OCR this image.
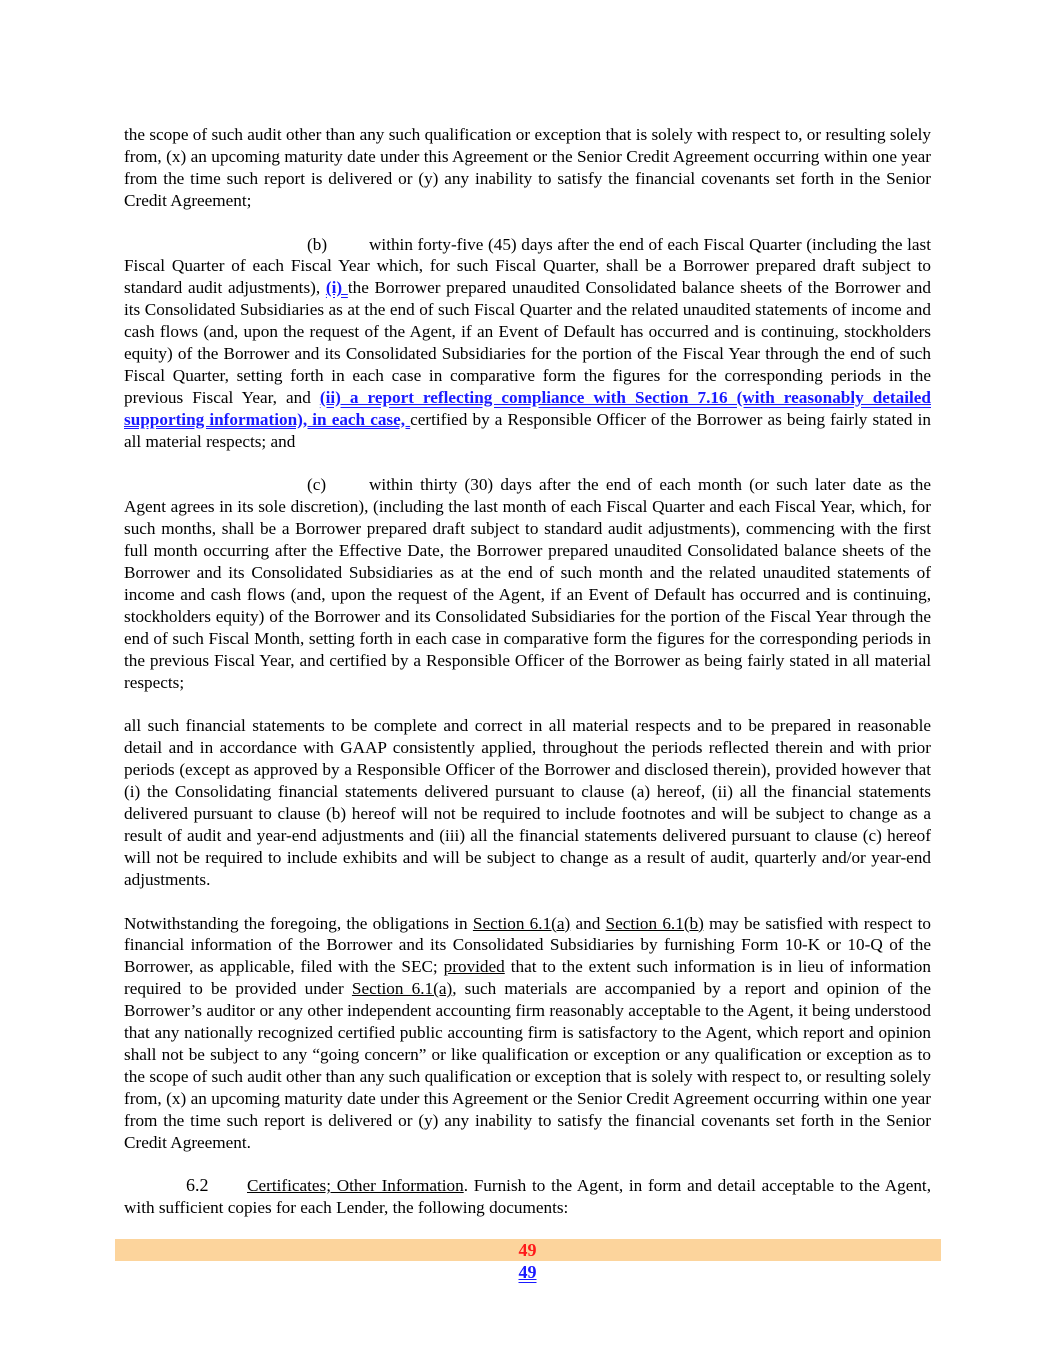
the scope of such audit other than any such qualification or exception that is solely with respect to, or resulting solely from, (x) an upcoming maturity date under this Agreement or the Senior Credit Agreement occurring within one year from the time such report is delivered or (y) any inability to satisfy the financial covenants set forth in the Senior Credit Agreement;

(b) within forty-five (45) days after the end of each Fiscal Quarter (including the last Fiscal Quarter of each Fiscal Year which, for such Fiscal Quarter, shall be a Borrower prepared draft subject to standard audit adjustments), (i) the Borrower prepared unaudited Consolidated balance sheets of the Borrower and its Consolidated Subsidiaries as at the end of such Fiscal Quarter and the related unaudited statements of income and cash flows (and, upon the request of the Agent, if an Event of Default has occurred and is continuing, stockholders equity) of the Borrower and its Consolidated Subsidiaries for the portion of the Fiscal Year through the end of such Fiscal Quarter, setting forth in each case in comparative form the figures for the corresponding periods in the previous Fiscal Year, and (ii) a report reflecting compliance with Section 7.16 (with reasonably detailed supporting information), in each case, certified by a Responsible Officer of the Borrower as being fairly stated in all material respects; and

(c) within thirty (30) days after the end of each month (or such later date as the Agent agrees in its sole discretion), (including the last month of each Fiscal Quarter and each Fiscal Year, which, for such months, shall be a Borrower prepared draft subject to standard audit adjustments), commencing with the first full month occurring after the Effective Date, the Borrower prepared unaudited Consolidated balance sheets of the Borrower and its Consolidated Subsidiaries as at the end of such month and the related unaudited statements of income and cash flows (and, upon the request of the Agent, if an Event of Default has occurred and is continuing, stockholders equity) of the Borrower and its Consolidated Subsidiaries for the portion of the Fiscal Year through the end of such Fiscal Month, setting forth in each case in comparative form the figures for the corresponding periods in the previous Fiscal Year, and certified by a Responsible Officer of the Borrower as being fairly stated in all material respects;

all such financial statements to be complete and correct in all material respects and to be prepared in reasonable detail and in accordance with GAAP consistently applied, throughout the periods reflected therein and with prior periods (except as approved by a Responsible Officer of the Borrower and disclosed therein), provided however that (i) the Consolidating financial statements delivered pursuant to clause (a) hereof, (ii) all the financial statements delivered pursuant to clause (b) hereof will not be required to include footnotes and will be subject to change as a result of audit and year-end adjustments and (iii) all the financial statements delivered pursuant to clause (c) hereof will not be required to include exhibits and will be subject to change as a result of audit, quarterly and/or year-end adjustments.

Notwithstanding the foregoing, the obligations in Section 6.1(a) and Section 6.1(b) may be satisfied with respect to financial information of the Borrower and its Consolidated Subsidiaries by furnishing Form 10-K or 10-Q of the Borrower, as applicable, filed with the SEC; provided that to the extent such information is in lieu of information required to be provided under Section 6.1(a), such materials are accompanied by a report and opinion of the Borrower’s auditor or any other independent accounting firm reasonably acceptable to the Agent, it being understood that any nationally recognized certified public accounting firm is satisfactory to the Agent, which report and opinion shall not be subject to any “going concern” or like qualification or exception or any qualification or exception as to the scope of such audit other than any such qualification or exception that is solely with respect to, or resulting solely from, (x) an upcoming maturity date under this Agreement or the Senior Credit Agreement occurring within one year from the time such report is delivered or (y) any inability to satisfy the financial covenants set forth in the Senior Credit Agreement.

6.2 Certificates; Other Information. Furnish to the Agent, in form and detail acceptable to the Agent, with sufficient copies for each Lender, the following documents:

49
49
